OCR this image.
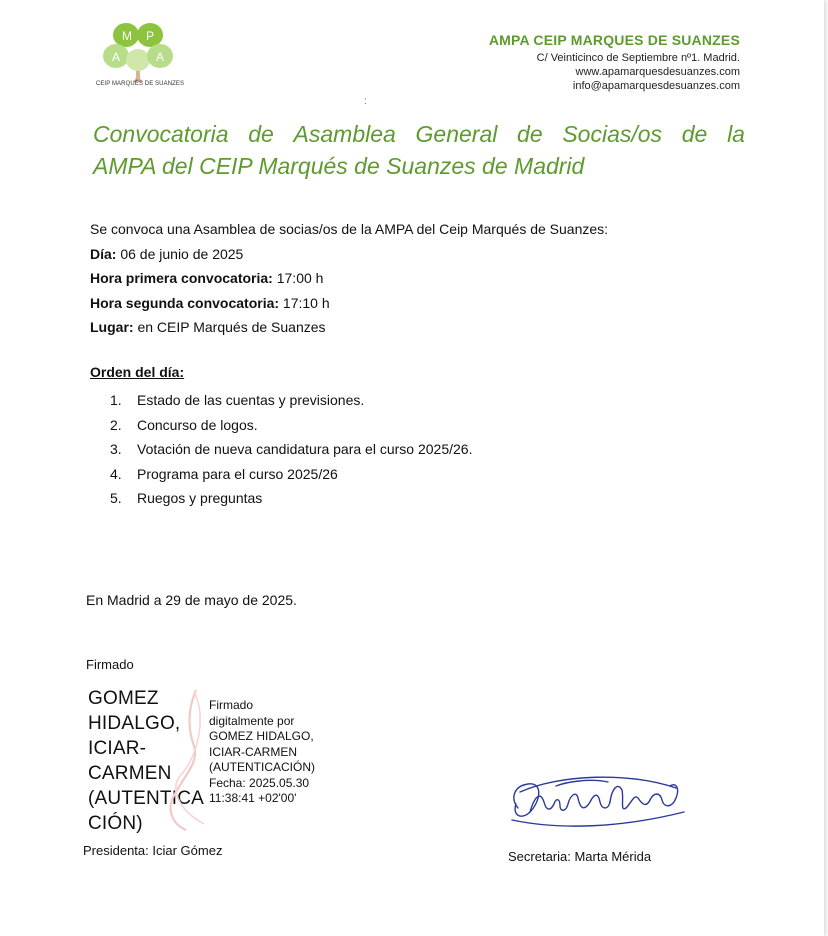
M P
A	A
CEIP MARQUÉS DE SUANZES
AMPA CEIP MARQUES DE SUANZES
C/ Veinticinco de Septiembre nº1. Madrid.
www.apamarquesdesuanzes.com
info@apamarquesdesuanzes.com
:
Convocatoria de Asamblea General de Socias/os de la
AMPA del CEIP Marqués de Suanzes de Madrid
Se convoca una Asamblea de socias/os de la AMPA del Ceip Marqués de Suanzes:
Día: 06 de junio de 2025
Hora primera convocatoria: 17:00 h
Hora segunda convocatoria: 17:10 h
Lugar: en CEIP Marqués de Suanzes
Orden del día:
1. Estado de las cuentas y previsiones.
2. Concurso de logos.
3. Votación de nueva candidatura para el curso 2025/26.
4. Programa para el curso 2025/26
5. Ruegos y preguntas
En Madrid a 29 de mayo de 2025.
Firmado
GOMEZ
HIDALGO,
ICIAR-
CARMEN
(AUTENTICA
CIÓN)
Firmado
digitalmente por
GOMEZ HIDALGO,
ICIAR-CARMEN
(AUTENTICACIÓN)
Fecha: 2025.05.30
11:38:41 +02'00'
Presidenta: Iciar Gómez	Secretaria: Marta Mérida
